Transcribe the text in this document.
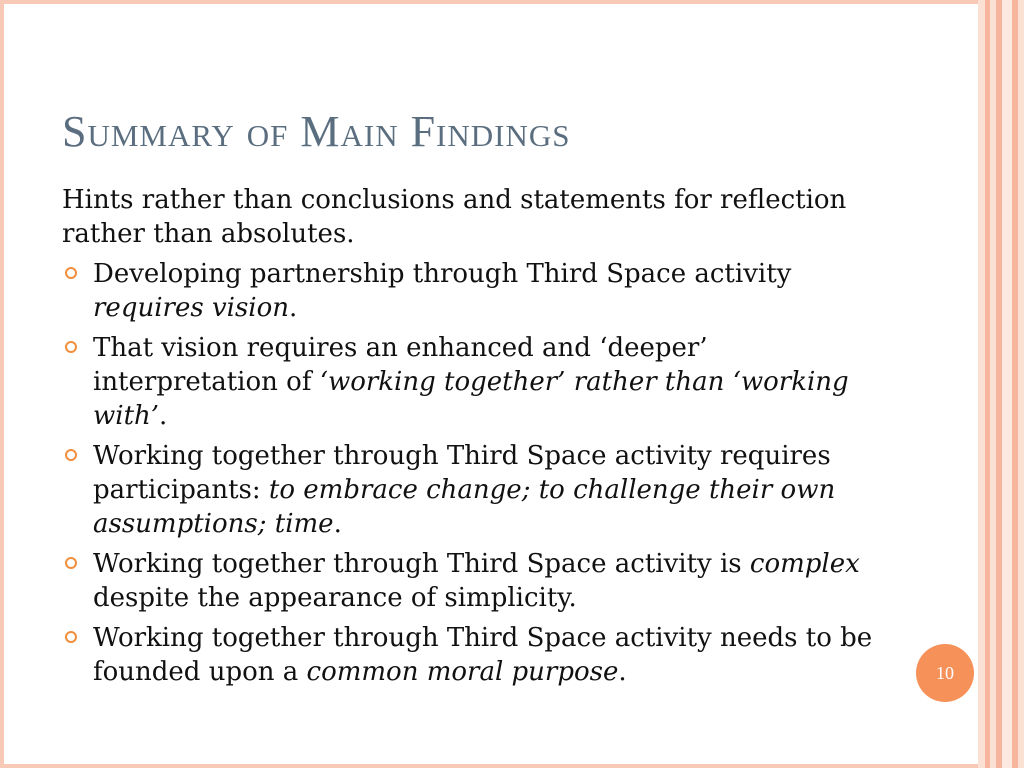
Summary of Main Findings

Hints rather than conclusions and statements for reflection rather than absolutes.

Developing partnership through Third Space activity requires vision.
That vision requires an enhanced and ‘deeper’ interpretation of ‘working together’ rather than ‘working with’.
Working together through Third Space activity requires participants: to embrace change; to challenge their own assumptions; time.
Working together through Third Space activity is complex despite the appearance of simplicity.
Working together through Third Space activity needs to be founded upon a common moral purpose.	10
